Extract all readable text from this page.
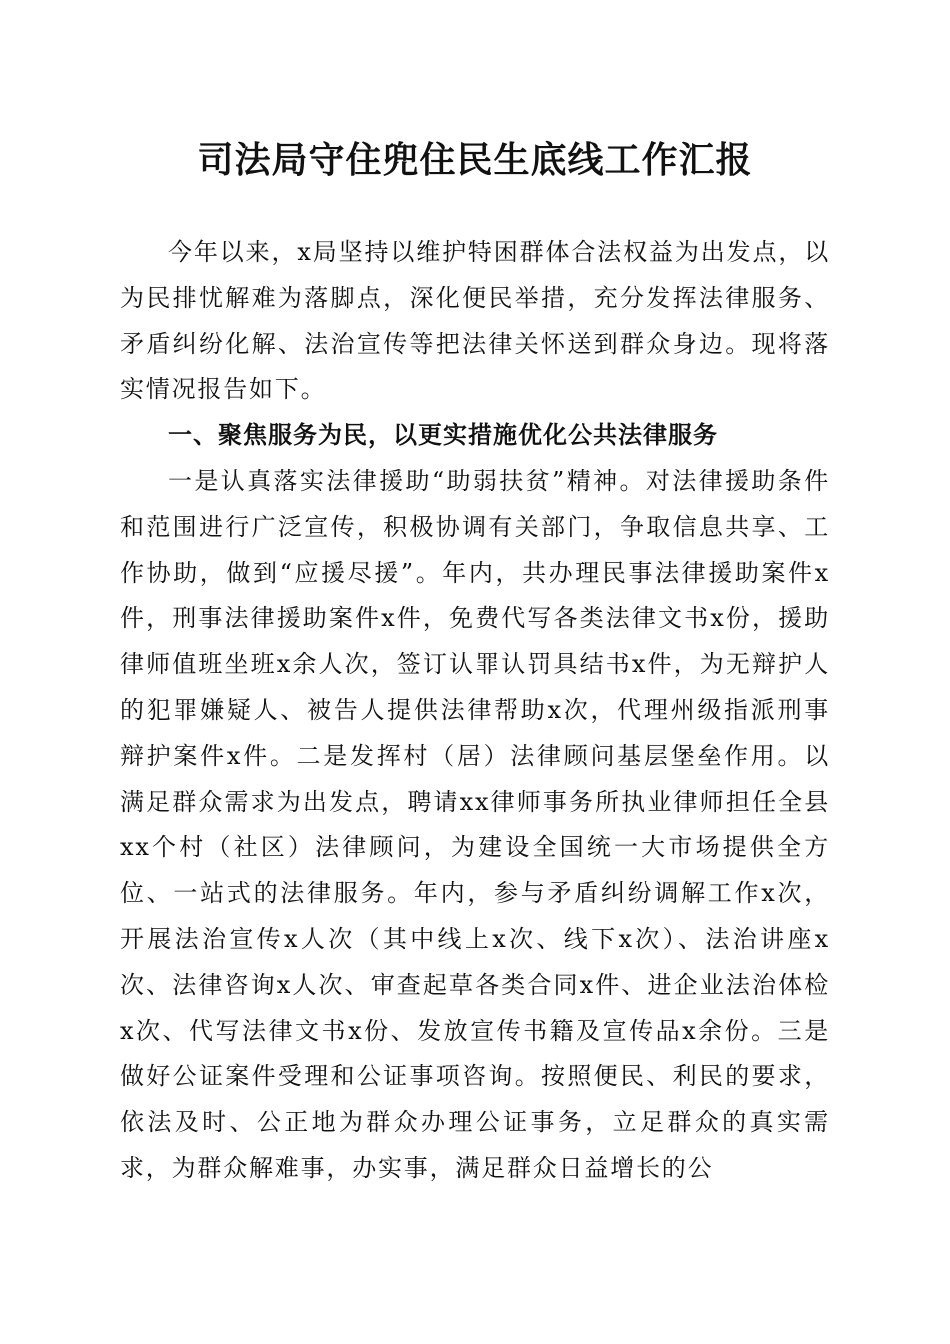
司法局守住兜住民生底线工作汇报

今年以来，x局坚持以维护特困群体合法权益为出发点，以为民排忧解难为落脚点，深化便民举措，充分发挥法律服务、矛盾纠纷化解、法治宣传等把法律关怀送到群众身边。现将落实情况报告如下。

一、聚焦服务为民，以更实措施优化公共法律服务

一是认真落实法律援助“助弱扶贫”精神。对法律援助条件和范围进行广泛宣传，积极协调有关部门，争取信息共享、工作协助，做到“应援尽援”。年内，共办理民事法律援助案件x件，刑事法律援助案件x件，免费代写各类法律文书x份，援助律师值班坐班x余人次，签订认罪认罚具结书x件，为无辩护人的犯罪嫌疑人、被告人提供法律帮助x次，代理州级指派刑事辩护案件x件。二是发挥村（居）法律顾问基层堡垒作用。以满足群众需求为出发点，聘请xx律师事务所执业律师担任全县xx个村（社区）法律顾问，为建设全国统一大市场提供全方位、一站式的法律服务。年内，参与矛盾纠纷调解工作x次，开展法治宣传x人次（其中线上x次、线下x次）、法治讲座x次、法律咨询x人次、审查起草各类合同x件、进企业法治体检x次、代写法律文书x份、发放宣传书籍及宣传品x余份。三是做好公证案件受理和公证事项咨询。按照便民、利民的要求，依法及时、公正地为群众办理公证事务，立足群众的真实需求，为群众解难事，办实事，满足群众日益增长的公
